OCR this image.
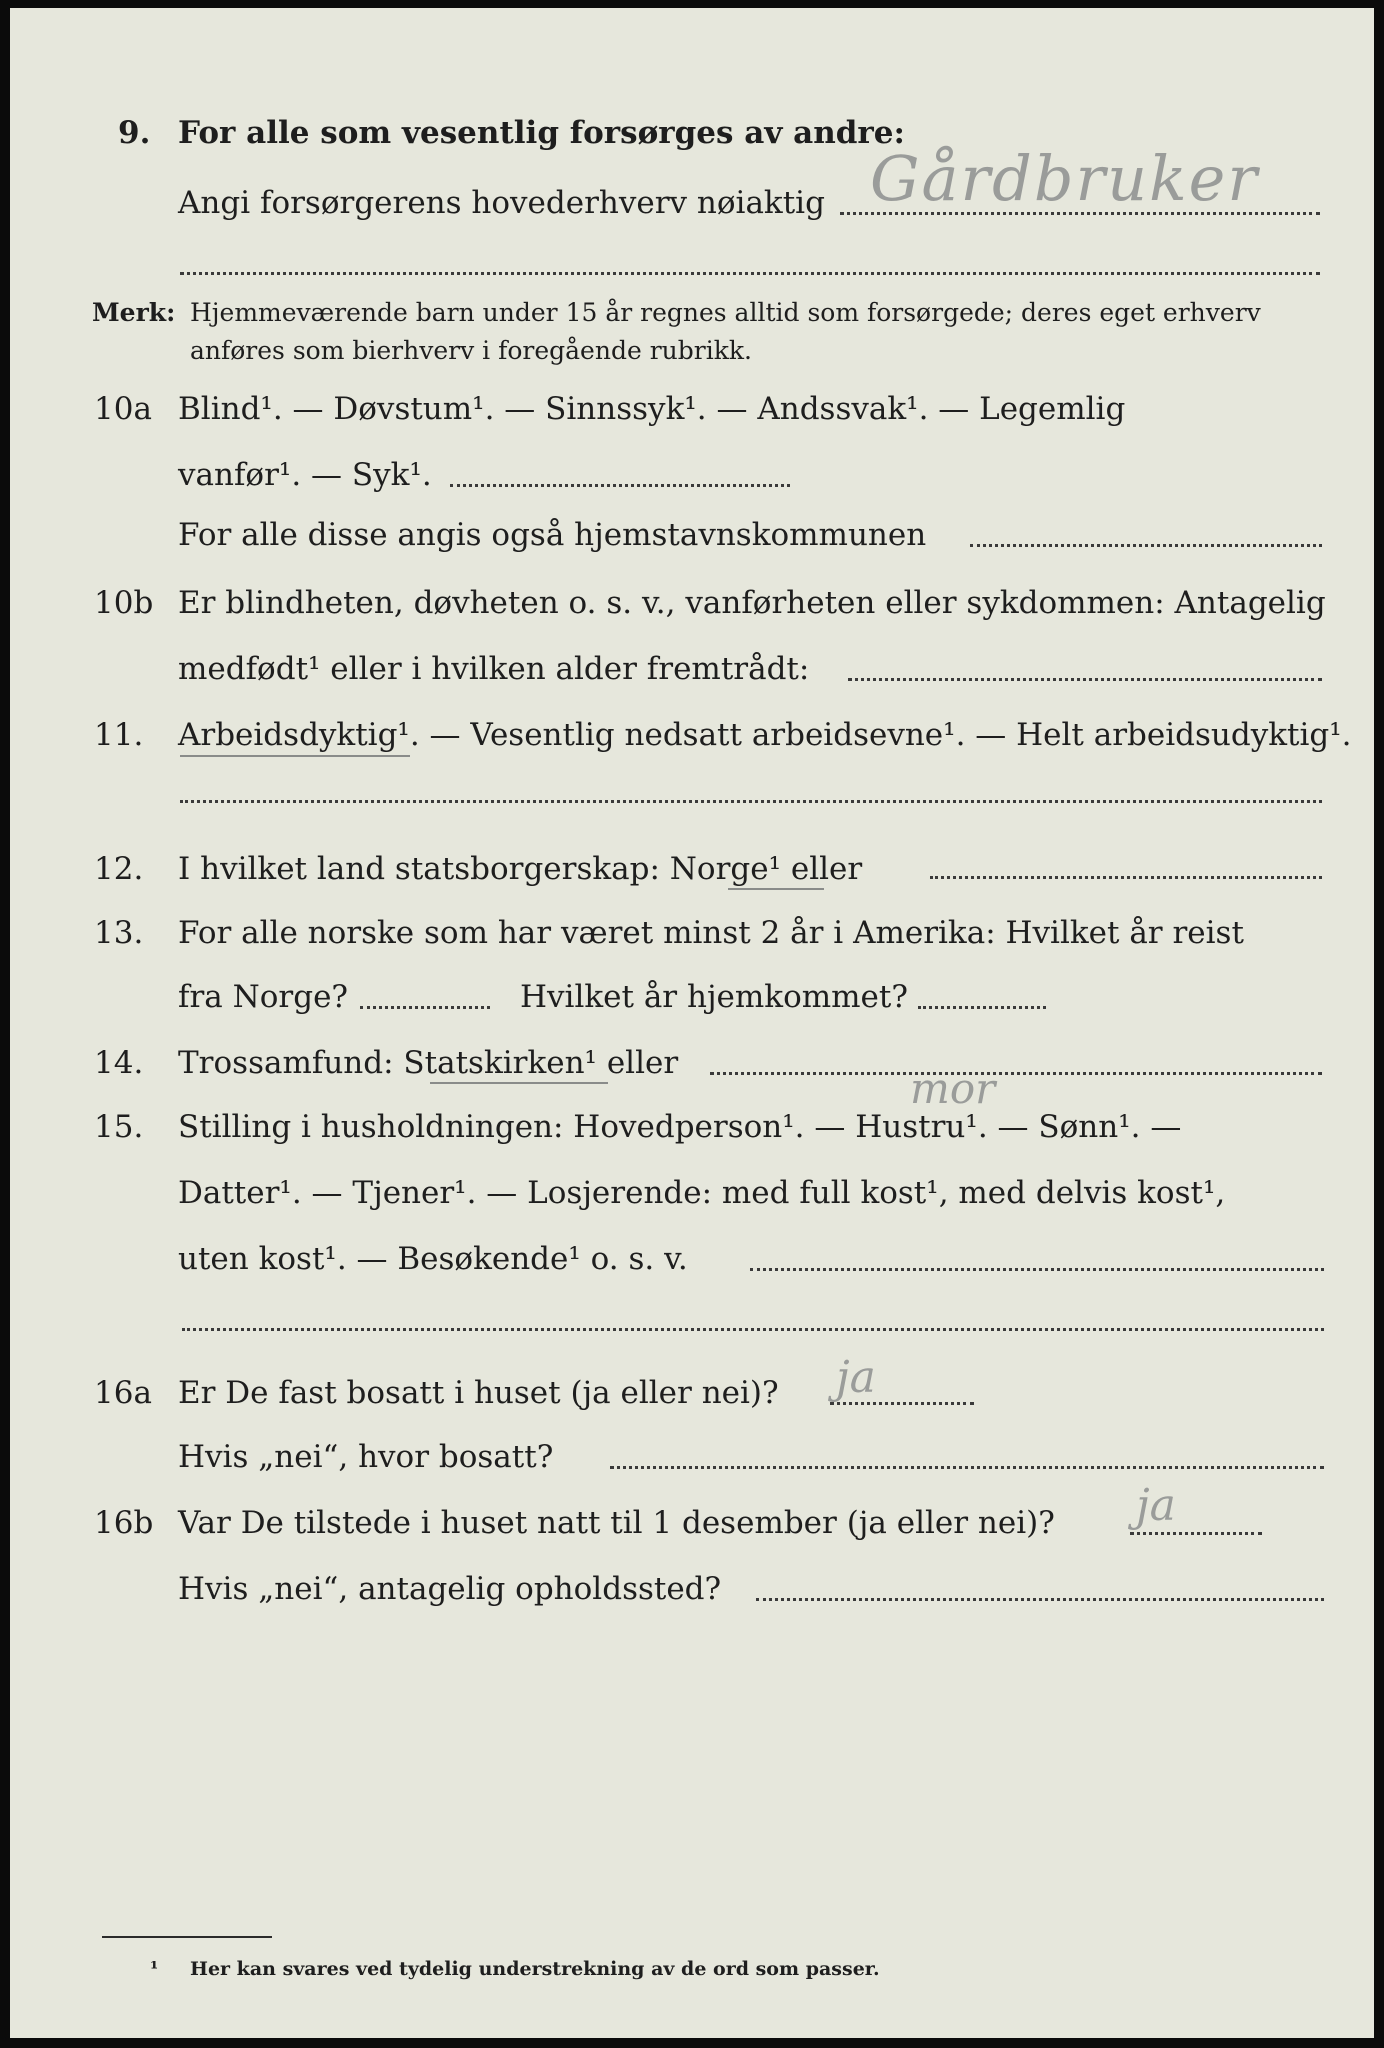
9. For alle som vesentlig forsørges av andre:
Angi forsørgerens hovederhverv nøiaktig Gårdbruker
Merk: Hjemmeværende barn under 15 år regnes alltid som forsørgede; deres eget erhverv
anføres som bierhverv i foregående rubrikk.
10a Blind¹. — Døvstum¹. — Sinnssyk¹. — Andssvak¹. — Legemlig
vanfør¹. — Syk¹.
For alle disse angis også hjemstavnskommunen
10b Er blindheten, døvheten o. s. v., vanførheten eller sykdommen: Antagelig
medfødt¹ eller i hvilken alder fremtrådt:
11. Arbeidsdyktig¹. — Vesentlig nedsatt arbeidsevne¹. — Helt arbeidsudyktig¹.
12. I hvilket land statsborgerskap: Norge¹ eller
13. For alle norske som har været minst 2 år i Amerika: Hvilket år reist
fra Norge?	Hvilket år hjemkommet?
14. Trossamfund: Statskirken¹ eller
mor
15. Stilling i husholdningen: Hovedperson¹. — Hustru¹. — Sønn¹. —
Datter¹. — Tjener¹. — Losjerende: med full kost¹, med delvis kost¹,
uten kost¹. — Besøkende¹ o. s. v.
16a Er De fast bosatt i huset (ja eller nei)? ja
Hvis „nei“, hvor bosatt?
16b Var De tilstede i huset natt til 1 desember (ja eller nei)? ja
Hvis „nei“, antagelig opholdssted?
¹ Her kan svares ved tydelig understrekning av de ord som passer.
